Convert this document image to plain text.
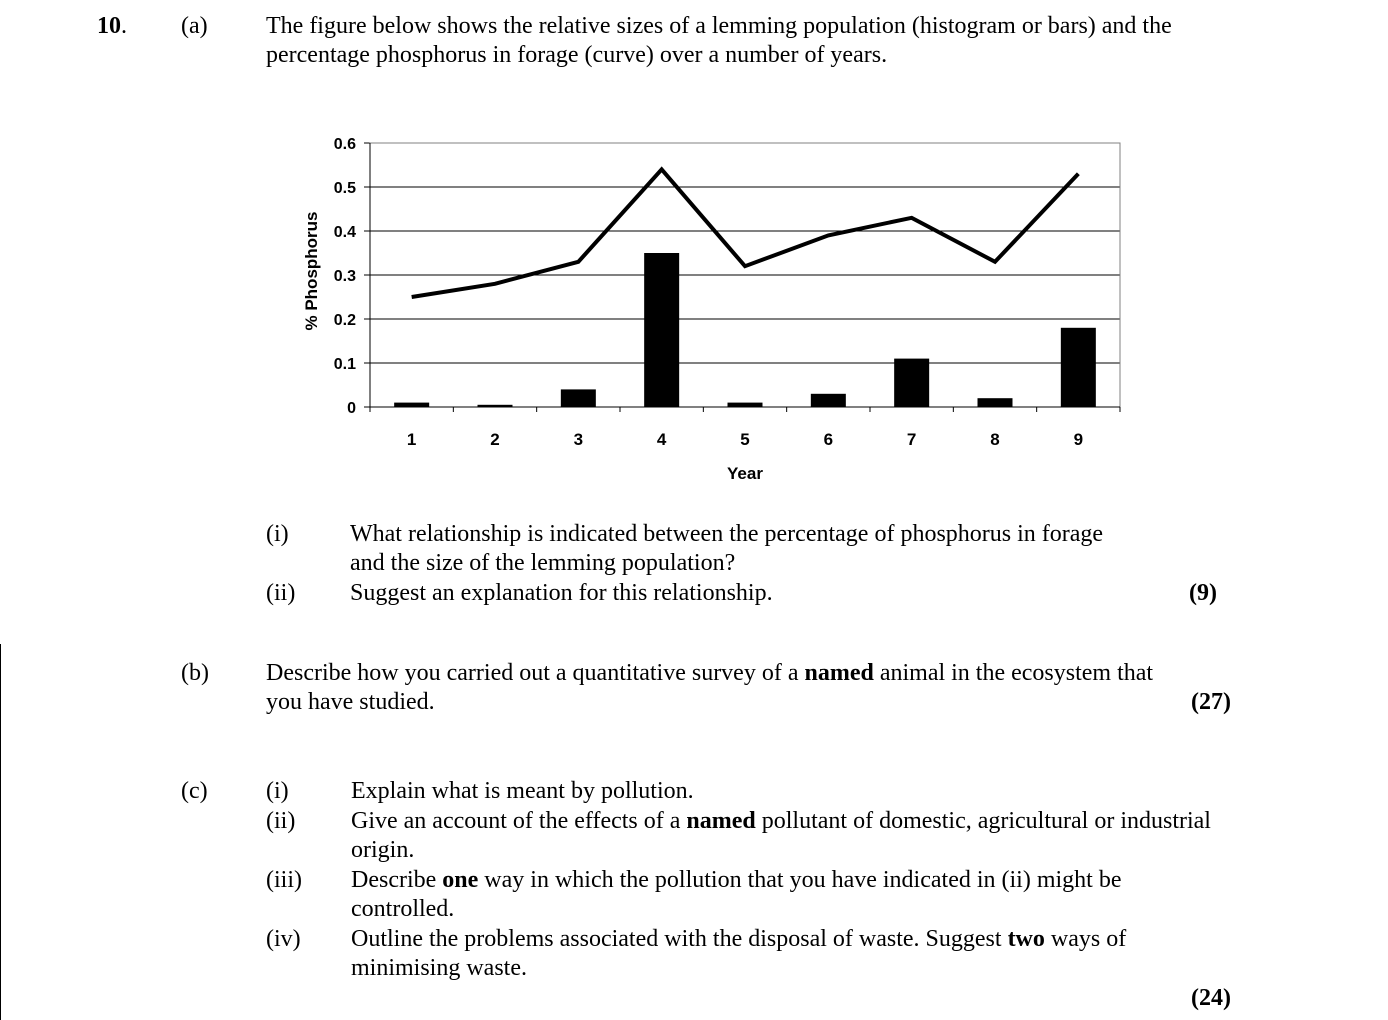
10. (a) The figure below shows the relative sizes of a lemming population (histogram or bars) and the
percentage phosphorus in forage (curve) over a number of years.
0
0.1
0.2
0.3
0.4
0.5
0.6
1	2	3	4	5	6	7	8	9
% Phosphorus
Year
(i)	What relationship is indicated between the percentage of phosphorus in forage
and the size of the lemming population?
(ii) Suggest an explanation for this relationship.	(9)
(b) Describe how you carried out a quantitative survey of a named animal in the ecosystem that
you have studied.	(27)
(c) (i)	Explain what is meant by pollution.
(ii) Give an account of the effects of a named pollutant of domestic, agricultural or industrial
origin.
(iii) Describe one way in which the pollution that you have indicated in (ii) might be
controlled.
(iv) Outline the problems associated with the disposal of waste. Suggest two ways of
minimising waste.
(24)
